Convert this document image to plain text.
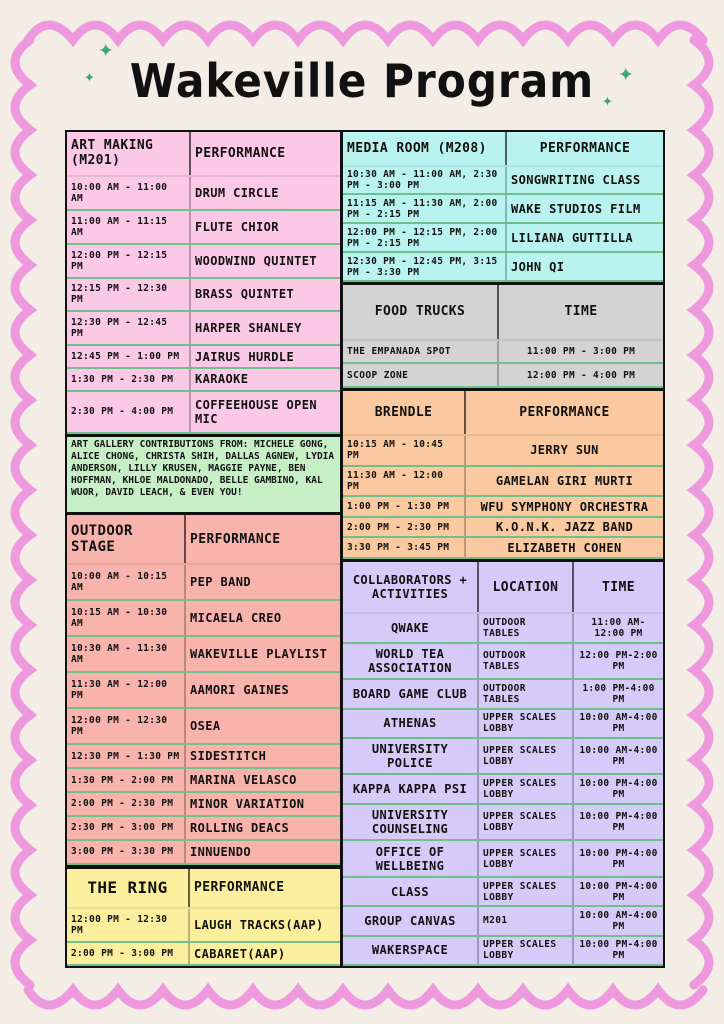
✦
✦	✦
✦
Wakeville Program
ART MAKING (M201)	PERFORMANCE
10:00 AM - 11:00 AM	DRUM CIRCLE
11:00 AM - 11:15 AM	FLUTE CHIOR
12:00 PM - 12:15 PM	WOODWIND QUINTET
12:15 PM - 12:30 PM	BRASS QUINTET
12:30 PM - 12:45 PM	HARPER SHANLEY
12:45 PM - 1:00 PM	JAIRUS HURDLE
1:30 PM - 2:30 PM	KARAOKE
2:30 PM - 4:00 PM	COFFEEHOUSE OPEN MIC
ART GALLERY CONTRIBUTIONS FROM: MICHELE GONG, ALICE CHONG, CHRISTA SHIH, DALLAS AGNEW, LYDIA ANDERSON, LILLY KRUSEN, MAGGIE PAYNE, BEN HOFFMAN, KHLOE MALDONADO, BELLE GAMBINO, KAL WUOR, DAVID LEACH, & EVEN YOU!
OUTDOOR STAGE	PERFORMANCE
10:00 AM - 10:15 AM	PEP BAND
10:15 AM - 10:30 AM	MICAELA CREO
10:30 AM - 11:30 AM	WAKEVILLE PLAYLIST
11:30 AM - 12:00 PM	AAMORI GAINES
12:00 PM - 12:30 PM	OSEA
12:30 PM - 1:30 PM	SIDESTITCH
1:30 PM - 2:00 PM	MARINA VELASCO
2:00 PM - 2:30 PM	MINOR VARIATION
2:30 PM - 3:00 PM	ROLLING DEACS
3:00 PM - 3:30 PM	INNUENDO
THE RING	PERFORMANCE
12:00 PM - 12:30 PM	LAUGH TRACKS(AAP)
2:00 PM - 3:00 PM	CABARET(AAP)
MEDIA ROOM (M208)	PERFORMANCE
10:30 AM - 11:00 AM, 2:30 PM - 3:00 PM	SONGWRITING CLASS
11:15 AM - 11:30 AM, 2:00 PM - 2:15 PM	WAKE STUDIOS FILM
12:00 PM - 12:15 PM, 2:00 PM - 2:15 PM	LILIANA GUTTILLA
12:30 PM - 12:45 PM, 3:15 PM - 3:30 PM	JOHN QI
FOOD TRUCKS	TIME
THE EMPANADA SPOT	11:00 PM - 3:00 PM
SCOOP ZONE	12:00 PM - 4:00 PM
BRENDLE	PERFORMANCE
10:15 AM - 10:45 PM	JERRY SUN
11:30 AM - 12:00 PM	GAMELAN GIRI MURTI
1:00 PM - 1:30 PM	WFU SYMPHONY ORCHESTRA
2:00 PM - 2:30 PM	K.O.N.K. JAZZ BAND
3:30 PM - 3:45 PM	ELIZABETH COHEN
COLLABORATORS + ACTIVITIES	LOCATION	TIME
QWAKE	OUTDOOR TABLES	11:00 AM-12:00 PM
WORLD TEA ASSOCIATION	OUTDOOR TABLES	12:00 PM-2:00 PM
BOARD GAME CLUB	OUTDOOR TABLES	1:00 PM-4:00 PM
ATHENAS	UPPER SCALES LOBBY	10:00 AM-4:00 PM
UNIVERSITY POLICE	UPPER SCALES LOBBY	10:00 AM-4:00 PM
KAPPA KAPPA PSI	UPPER SCALES LOBBY	10:00 PM-4:00 PM
UNIVERSITY COUNSELING	UPPER SCALES LOBBY	10:00 PM-4:00 PM
OFFICE OF WELLBEING	UPPER SCALES LOBBY	10:00 PM-4:00 PM
CLASS	UPPER SCALES LOBBY	10:00 PM-4:00 PM
GROUP CANVAS	M201	10:00 AM-4:00 PM
WAKERSPACE	UPPER SCALES LOBBY	10:00 PM-4:00 PM
